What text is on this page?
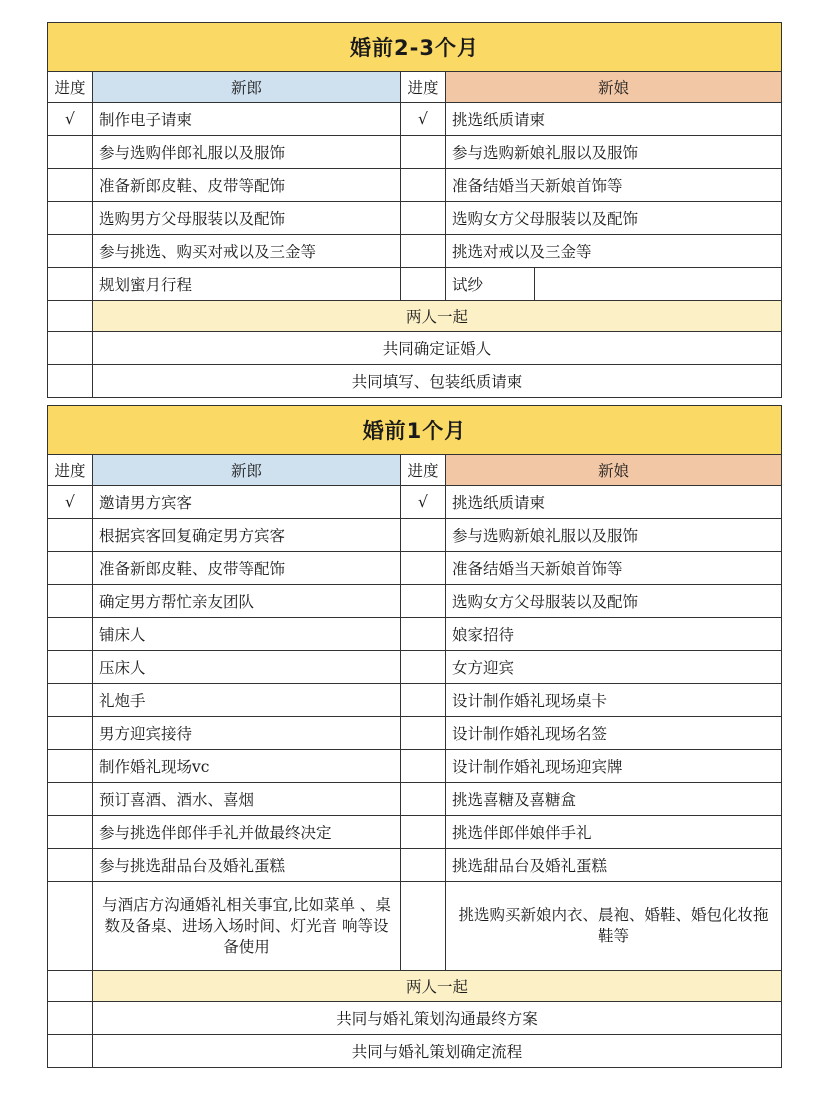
婚前2-3个月			
进度	新郎	进度	新娘
√	制作电子请柬	√	挑选纸质请柬
	参与选购伴郎礼服以及服饰		参与选购新娘礼服以及服饰
	准备新郎皮鞋、皮带等配饰		准备结婚当天新娘首饰等
	选购男方父母服装以及配饰		选购女方父母服装以及配饰
	参与挑选、购买对戒以及三金等		挑选对戒以及三金等
	规划蜜月行程		试纱

	两人一起		
	共同确定证婚人		
	共同填写、包装纸质请柬		
婚前1个月			
进度	新郎	进度	新娘
√	邀请男方宾客	√	挑选纸质请柬
	根据宾客回复确定男方宾客		参与选购新娘礼服以及服饰
	准备新郎皮鞋、皮带等配饰		准备结婚当天新娘首饰等
	确定男方帮忙亲友团队		选购女方父母服装以及配饰
	铺床人		娘家招待
	压床人		女方迎宾
	礼炮手		设计制作婚礼现场桌卡
	男方迎宾接待		设计制作婚礼现场名签
	制作婚礼现场vc		设计制作婚礼现场迎宾牌
	预订喜酒、酒水、喜烟		挑选喜糖及喜糖盒
	参与挑选伴郎伴手礼并做最终决定		挑选伴郎伴娘伴手礼
	参与挑选甜品台及婚礼蛋糕		挑选甜品台及婚礼蛋糕
	与酒店方沟通婚礼相关事宜,比如菜单 、桌数及备桌、进场入场时间、灯光音 响等设备使用		挑选购买新娘内衣、晨袍、婚鞋、婚包化妆拖鞋等
	两人一起		
	共同与婚礼策划沟通最终方案		
	共同与婚礼策划确定流程		
